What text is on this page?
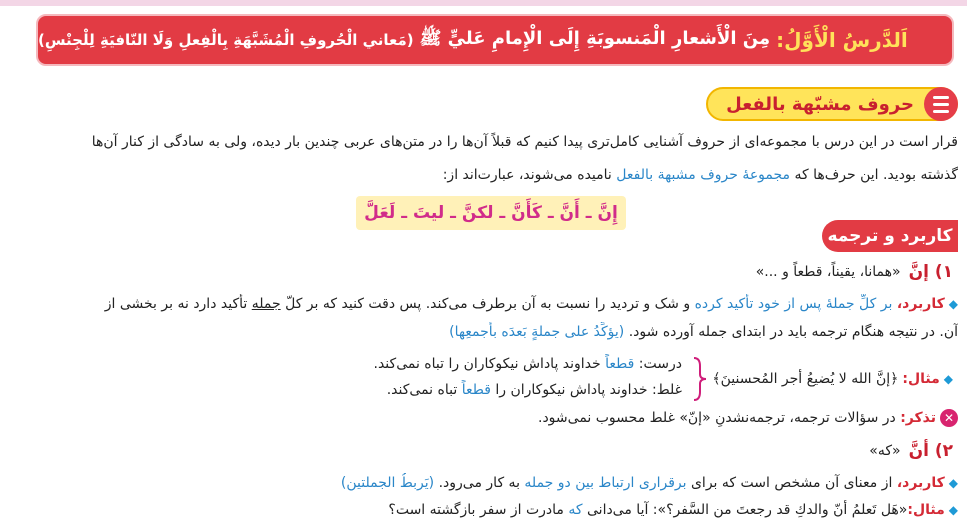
اَلدَّرسُ الْأَوَّلُ:
مِنَ الْأَشعارِ الْمَنسوبَةِ إِلَى الْإِمامِ عَليٍّ ﷺ
(مَعاني الْحُروفِ الْمُشَبَّهَةِ بِالْفِعلِ وَلَا النّافيَةِ لِلْجِنْسِ)
حروف مشبّهة بالفعل
قرار است در این درس با مجموعه‌ای از حروف آشنایی کامل‌تری پیدا کنیم که قبلاً آن‌ها را در متن‌های عربی چندین بار دیده، ولی به سادگی از کنار آن‌ها
گذشته بودید. این حرف‌ها که مجموعهٔ حروف مشبهة بالفعل نامیده می‌شوند، عبارت‌اند از:
إِنَّ ـ أَنَّ ـ كَأَنَّ ـ لكنَّ ـ ليتَ ـ لَعَلَّ
کاربرد و ترجمه
۱) إنَّ
«همانا، یقیناً، قطعاً و ...»
◆کاربرد، بر کلِّ جملهٔ پس از خود تأکید کرده و شک و تردید را نسبت به آن برطرف می‌کند. پس دقت کنید که بر کلّ جمله تأکید دارد نه بر بخشی از
آن. در نتیجه هنگام ترجمه باید در ابتدای جمله آورده شود. (یؤكِّدُ علی جملةٍ بَعدَه بأجمعِها)
◆
مثال:
﴿إنَّ الله لا یُضیعُ أجر المُحسنینَ﴾
درست: قطعاً خداوند پاداش نیکوکاران را تباه نمی‌کند.
غلط: خداوند پاداش نیکوکاران را قطعاً تباه نمی‌کند.
✕تذکر: در سؤالات ترجمه، ترجمه‌نشدنِ «إنّ» غلط محسوب نمی‌شود.
۲) أنَّ
«که»
◆کاربرد، از معنای آن مشخص است که برای برقراری ارتباط بین دو جمله به کار می‌رود. (یَربطُ الجملتین)
◆مثال:«هَل تَعلمُ أنّ والدكِ قد رجعتَ من السَّفر؟»: آیا می‌دانی که مادرت از سفر بازگشته است؟
